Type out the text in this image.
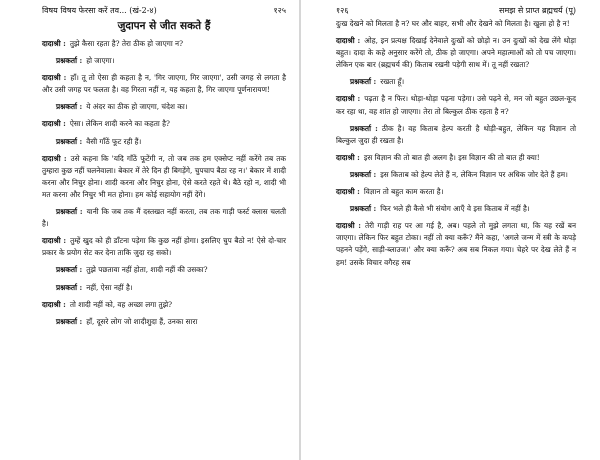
विषय विषय फेरसा करें तव... (खं-2-४)	१२५
जुदापन से जीत सकते हैं

दादाश्री : तुझे कैसा रहता है? तेरा ठीक हो जाएगा न?

प्रश्नकर्ता : हो जाएगा।

दादाश्री : हाँ। तू तो ऐसा ही कहता है न, 'गिर जाएगा, गिर जाएगा', उसी जगह से लगता है और उसी जगह पर फलता है। वह गिरता नहीं न, यह कहता है, गिर जाएगा पूर्णनारायण!

प्रश्नकर्ता : ये अंदर का ठीक हो जाएगा, चंदेश का।

दादाश्री : ऐसा। लेकिन शादी करने का कहता है?

प्रश्नकर्ता : वैसी गाँठें फूट रही हैं।

दादाश्री : उसे कहना कि 'यदि गाँठें फूटेंगी न, तो जब तक हम एक्सेप्ट नहीं करेंगे तब तक तुम्हारा कुछ नहीं चलनेवाला। बेकार में तेरे दिन ही बिगड़ेंगे, चुपचाप बैठा रह न।' बेकार में शादी करना और निचुर होना। शादी करना और निचुर होना, ऐसे करते रहते थे। बैठे रहो न, शादी भी मत करना और निचुर भी मत होना। हम कोई सहायोग नहीं देंगे।

प्रश्नकर्ता : यानी कि जब तक मैं दस्तखत नहीं करता, तब तक गाड़ी फर्स्ट क्लास चलती है।

दादाश्री : तुम्हें खुद को ही डाँटना पड़ेगा कि कुछ नहीं होगा। इसलिए चुप बैठो न! ऐसे दो-चार प्रकार के प्रयोग सेट कर देना ताकि जुदा रह सको।

प्रश्नकर्ता : तुझे पछतावा नहीं होता, शादी नहीं की उसका?

प्रश्नकर्ता : नहीं, ऐसा नहीं है।

दादाश्री : तो शादी नहीं को, वह अच्छा लगा तुझे?

प्रश्नकर्ता : हाँ, दूसरे लोग जो शादीशुदा हैं, उनका सारा

१२६	समझ से प्राप्त ब्रह्मचर्य (पू)

दुःख देखने को मिलता है न? घर और बाहर, सभी और देखने को मिलता है। खुला हो है न!

दादाश्री : ओह, इन प्रत्यक्ष दिखाई देनेवाले दुःखों को छोड़ो न। उन दुःखों को देख लेंगे थोड़ा बहुत। दादा के कहे अनुसार करेंगे तो, ठीक हो जाएगा। अपने महात्माओं को तो पच जाएगा। लेकिन एक बार (ब्रह्मचर्य की) किताब रखनी पड़ेगी साथ में। तू नहीं रखता?

प्रश्नकर्ता : रखता हूँ।

दादाश्री : पढ़ता है न फिर। थोड़ा-थोड़ा पढ़ना पड़ेगा। उसे पढ़ने से, मन जो बहुत उछल-कूद कर रहा था, वह शांत हो जाएगा। तेरा तो बिल्कुल ठीक रहता है न?

प्रश्नकर्ता : ठीक है। वह किताब हेल्प करती है थोड़ी-बहुत, लेकिन यह विज्ञान तो बिल्कुल जुदा ही रखता है।

दादाश्री : इस विज्ञान की तो बात ही अलग है। इस विज्ञान की तो बात ही क्या!

प्रश्नकर्ता : इस किताब को हेल्प लेते हैं न, लेकिन विज्ञान पर अधिक जोर देते हैं हम।

दादाश्री : विज्ञान तो बहुत काम करता है।

प्रश्नकर्ता : फिर भले ही कैसे भी संयोग आएँ वे इस किताब में नहीं है।

दादाश्री : तेरी गाड़ी राह पर आ गई है, अब। पहले तो मुझे लगता था, कि यह रखें बन जाएगा। लेकिन फिर बहुत टोका। नहीं तो क्या करूँ? मैंने कहा, 'अगले जन्म में स्त्री के कपड़े पहनने पड़ेंगे, साड़ी-ब्लाउज।' और क्या करूँ? अब सब निकल गया। चेहरे पर देख लेते हैं न हम! उसके विचार वगैरह सब
